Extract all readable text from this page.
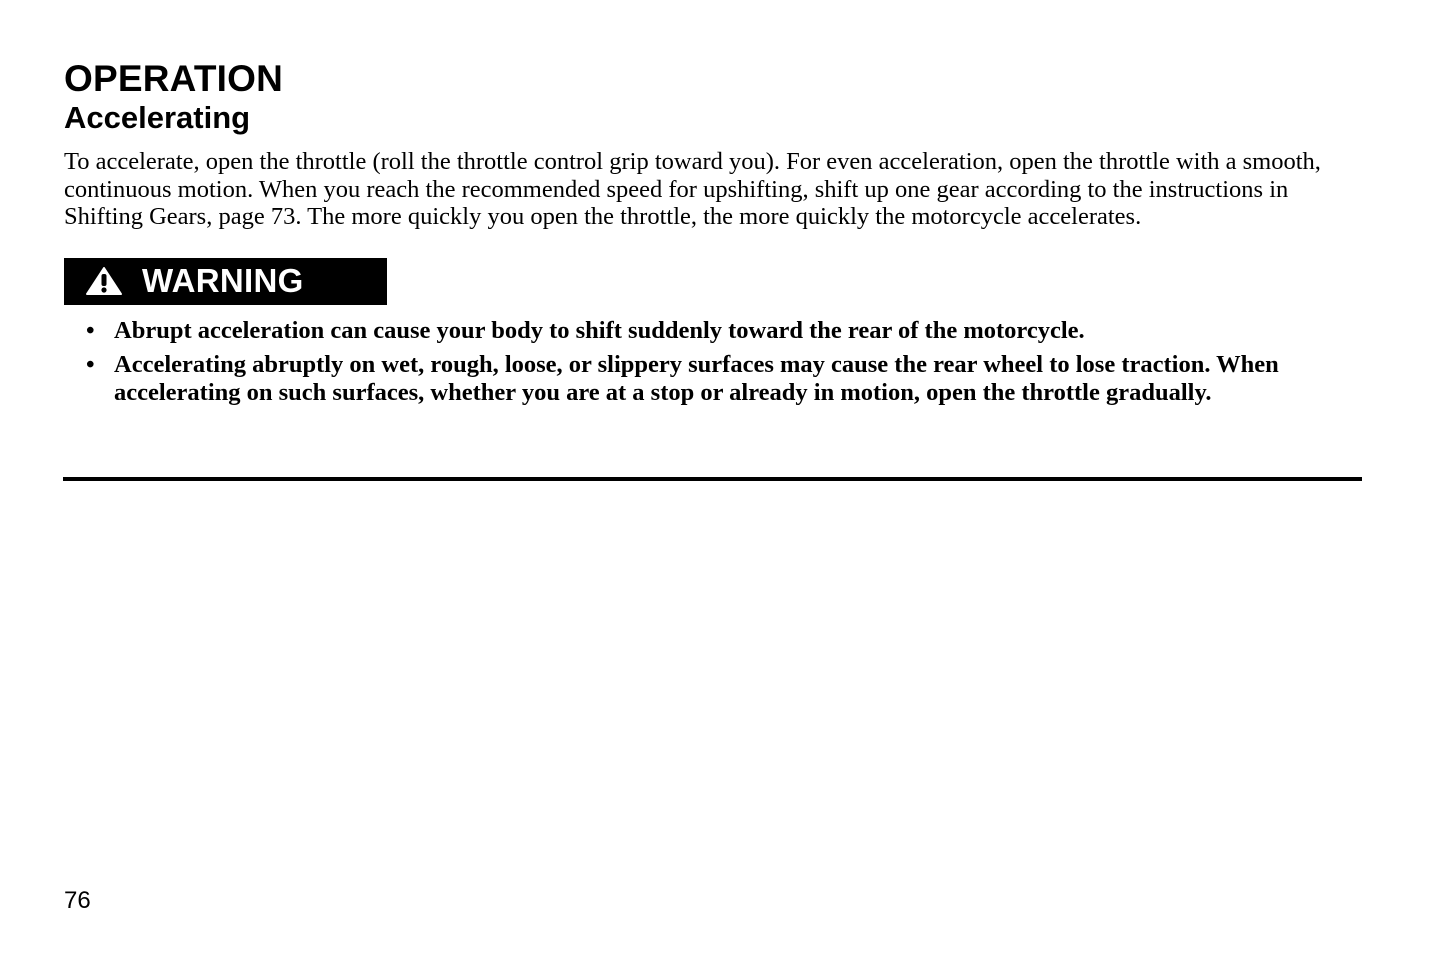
OPERATION
Accelerating

To accelerate, open the throttle (roll the throttle control grip toward you). For even acceleration, open the throttle with a smooth, continuous motion. When you reach the recommended speed for upshifting, shift up one gear according to the instructions in Shifting Gears, page 73. The more quickly you open the throttle, the more quickly the motorcycle accelerates.

WARNING
• Abrupt acceleration can cause your body to shift suddenly toward the rear of the motorcycle.
• Accelerating abruptly on wet, rough, loose, or slippery surfaces may cause the rear wheel to lose traction. When accelerating on such surfaces, whether you are at a stop or already in motion, open the throttle gradually.
76
